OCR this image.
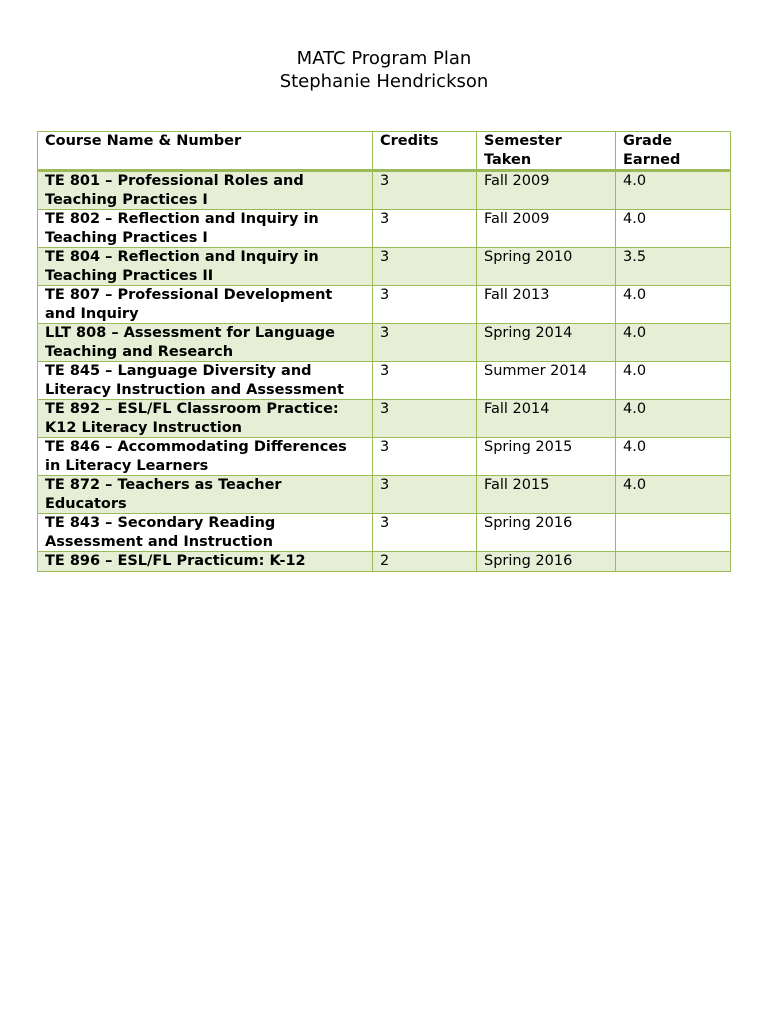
MATC Program Plan
Stephanie Hendrickson
Course Name & Number	Credits	Semester Taken	Grade Earned
TE 801 – Professional Roles and Teaching Practices I	3	Fall 2009	4.0
TE 802 – Reflection and Inquiry in Teaching Practices I	3	Fall 2009	4.0
TE 804 – Reflection and Inquiry in Teaching Practices II	3	Spring 2010	3.5
TE 807 – Professional Development and Inquiry	3	Fall 2013	4.0
LLT 808 – Assessment for Language Teaching and Research	3	Spring 2014	4.0
TE 845 – Language Diversity and Literacy Instruction and Assessment	3	Summer 2014	4.0
TE 892 – ESL/FL Classroom Practice: K12 Literacy Instruction	3	Fall 2014	4.0
TE 846 – Accommodating Differences in Literacy Learners	3	Spring 2015	4.0
TE 872 – Teachers as Teacher Educators	3	Fall 2015	4.0
TE 843 – Secondary Reading Assessment and Instruction	3	Spring 2016	
TE 896 – ESL/FL Practicum: K-12	2	Spring 2016	
